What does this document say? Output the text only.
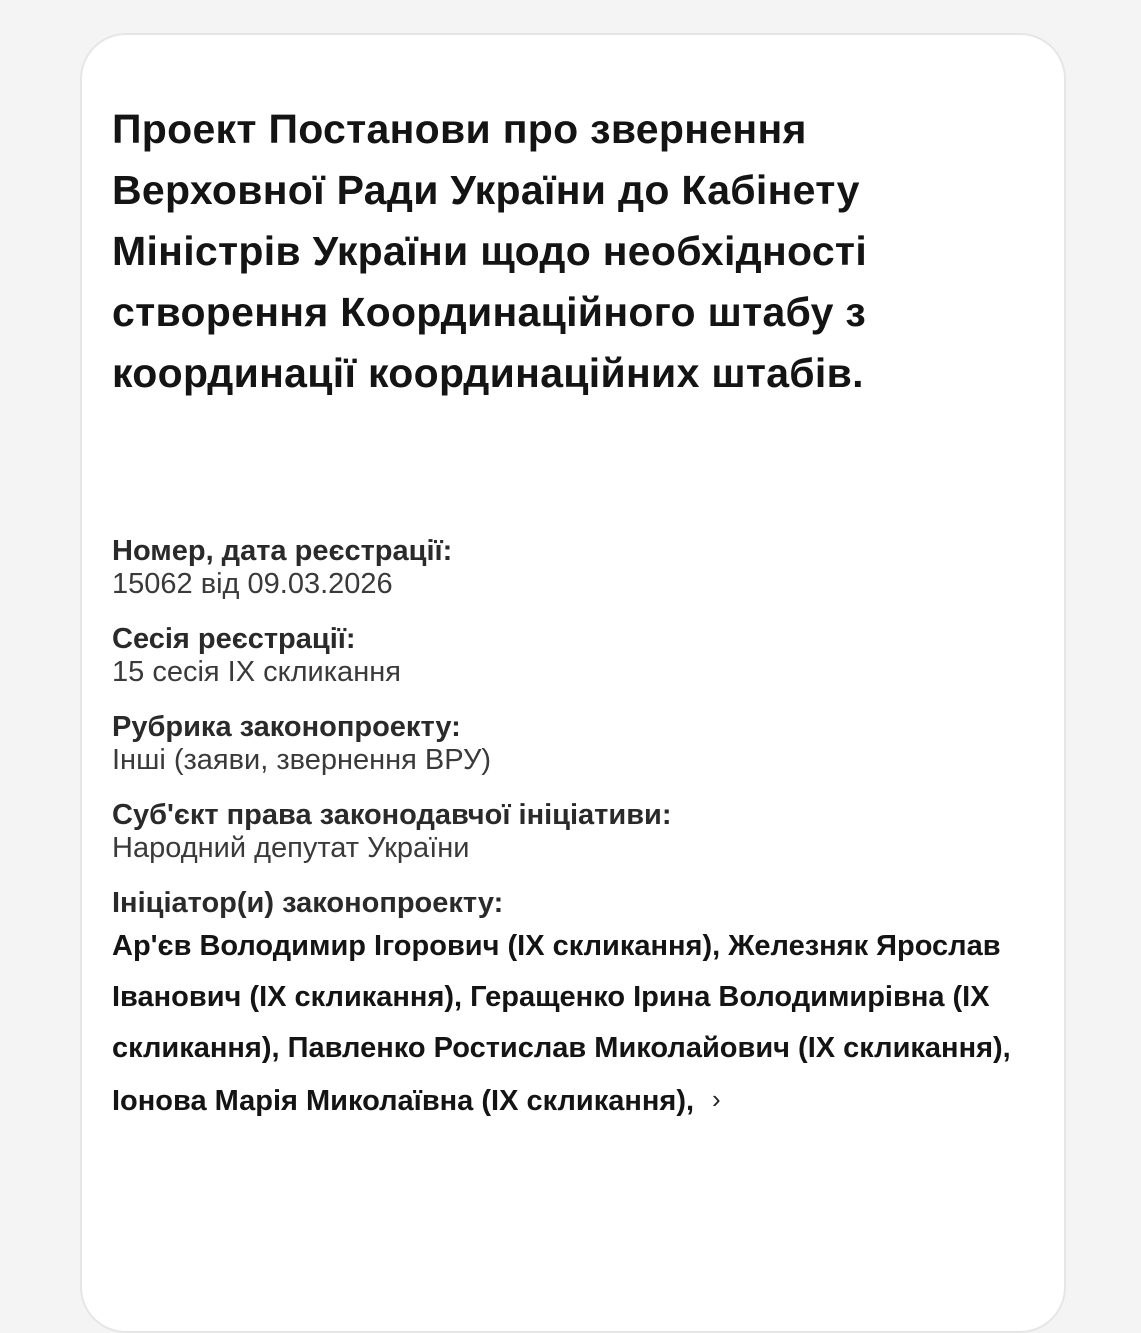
Проект Постанови про звернення Верховної Ради України до Кабінету Міністрів України щодо необхідності створення Координаційного штабу з координації координаційних штабів.
Номер, дата реєстрації:
15062 від 09.03.2026
Сесія реєстрації:
15 сесія IX скликання
Рубрика законопроекту:
Інші (заяви, звернення ВРУ)
Суб'єкт права законодавчої ініціативи:
Народний депутат України
Ініціатор(и) законопроекту:
Ар'єв Володимир Ігорович (IX скликання), Железняк Ярослав Іванович (IX скликання), Геращенко Ірина Володимирівна (IX скликання), Павленко Ростислав Миколайович (IX скликання), Іонова Марія Миколаївна (IX скликання), ›
